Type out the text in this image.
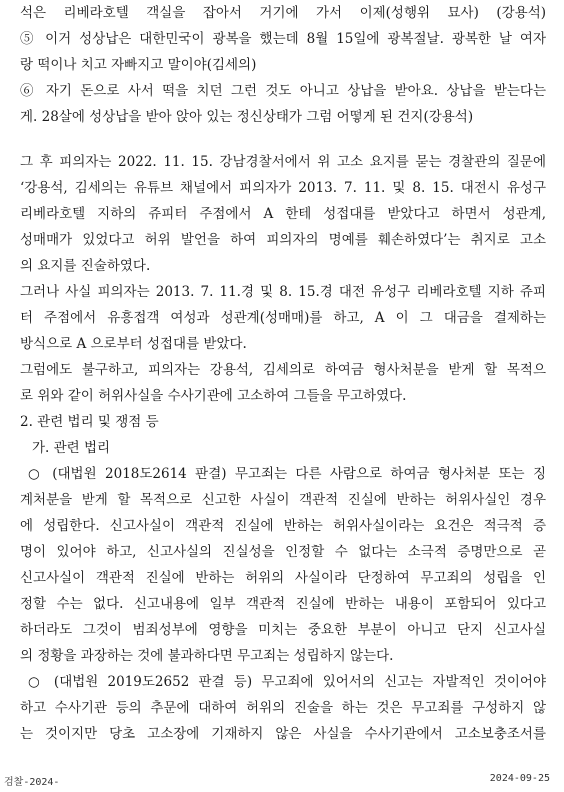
석은 리베라호텔 객실을 잡아서 거기에 가서 이제(성행위 묘사) (강용석)
⑤ 이거 성상납은 대한민국이 광복을 했는데 8월 15일에 광복절날. 광복한 날 여자
랑 떡이나 치고 자빠지고 말이야(김세의)
⑥ 자기 돈으로 사서 떡을 치던 그런 것도 아니고 상납을 받아요. 상납을 받는다는
게. 28살에 성상납을 받아 앉아 있는 정신상태가 그럼 어떻게 된 건지(강용석)
그 후 피의자는 2022. 11. 15. 강남경찰서에서 위 고소 요지를 묻는 경찰관의 질문에
‘강용석, 김세의는 유튜브 채널에서 피의자가 2013. 7. 11. 및 8. 15. 대전시 유성구
리베라호텔 지하의 쥬피터 주점에서 A 한테 성접대를 받았다고 하면서 성관계,
성매매가 있었다고 허위 발언을 하여 피의자의 명예를 훼손하였다’는 취지로 고소
의 요지를 진술하였다.
그러나 사실 피의자는 2013. 7. 11.경 및 8. 15.경 대전 유성구 리베라호텔 지하 쥬피
터 주점에서 유흥접객 여성과 성관계(성매매)를 하고, A 이 그 대금을 결제하는
방식으로 A 으로부터 성접대를 받았다.
그럼에도 불구하고, 피의자는 강용석, 김세의로 하여금 형사처분을 받게 할 목적으
로 위와 같이 허위사실을 수사기관에 고소하여 그들을 무고하였다.
2. 관련 법리 및 쟁점 등
가. 관련 법리
○ (대법원 2018도2614 판결) 무고죄는 다른 사람으로 하여금 형사처분 또는 징
계처분을 받게 할 목적으로 신고한 사실이 객관적 진실에 반하는 허위사실인 경우
에 성립한다. 신고사실이 객관적 진실에 반하는 허위사실이라는 요건은 적극적 증
명이 있어야 하고, 신고사실의 진실성을 인정할 수 없다는 소극적 증명만으로 곧
신고사실이 객관적 진실에 반하는 허위의 사실이라 단정하여 무고죄의 성립을 인
정할 수는 없다. 신고내용에 일부 객관적 진실에 반하는 내용이 포함되어 있다고
하더라도 그것이 범죄성부에 영향을 미치는 중요한 부분이 아니고 단지 신고사실
의 정황을 과장하는 것에 불과하다면 무고죄는 성립하지 않는다.
○ (대법원 2019도2652 판결 등) 무고죄에 있어서의 신고는 자발적인 것이어야
하고 수사기관 등의 추문에 대하여 허위의 진술을 하는 것은 무고죄를 구성하지 않
는 것이지만 당초 고소장에 기재하지 않은 사실을 수사기관에서 고소보충조서를
검찰-2024-	2024-09-25
